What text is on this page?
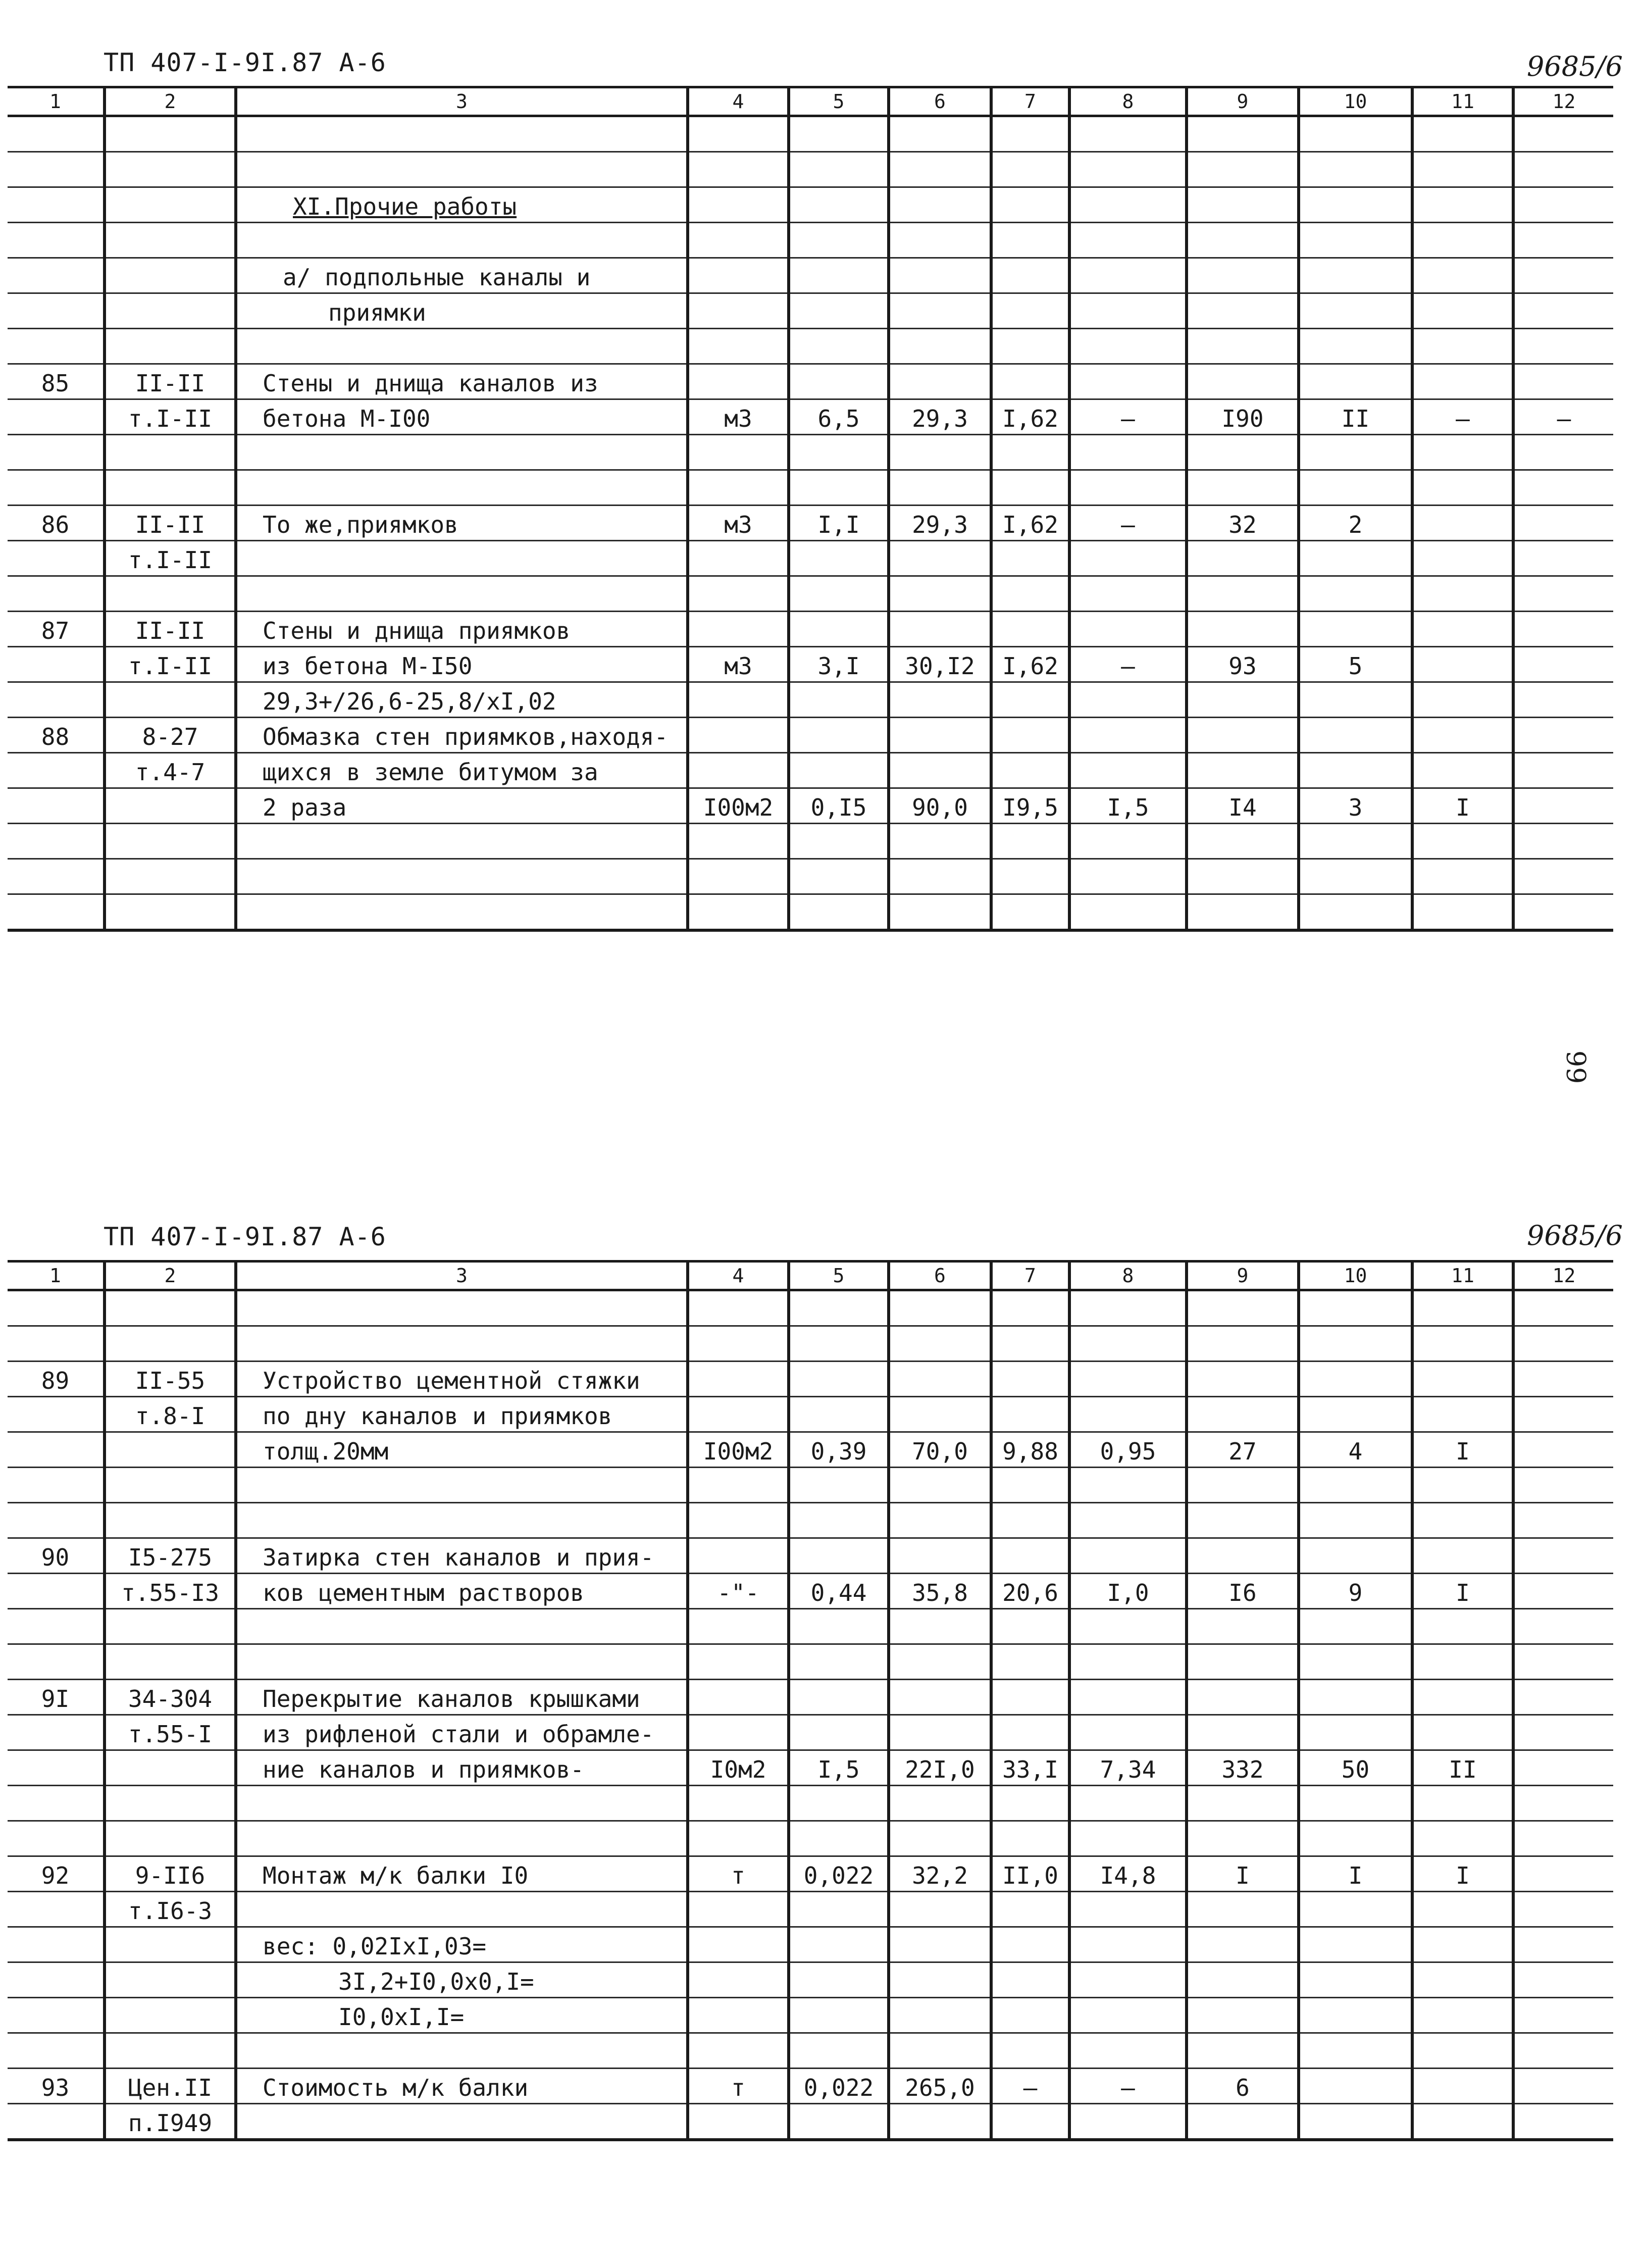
ТП 407-I-9I.87 А-6	9685/6
1	2	3	4	5	6	7	8	9	10	11	12

		XI.Прочие работы									

		а/ подпольные каналы и									
		приямки									

85	II-II	Стены и днища каналов из									
	т.I-II	бетона М-I00	м3	6,5	29,3	I,62	–	I90	II	–	–

86	II-II	То же,приямков	м3	I,I	29,3	I,62	–	32	2		
	т.I-II										

87	II-II	Стены и днища приямков									
	т.I-II	из бетона М-I50	м3	3,I	30,I2	I,62	–	93	5		
		29,3+/26,6-25,8/хI,02									
88	8-27	Обмазка стен приямков,находя-									
	т.4-7	щихся в земле битумом за									
		2 раза	I00м2	0,I5	90,0	I9,5	I,5	I4	3	I	

99
ТП 407-I-9I.87 А-6	9685/6
1	2	3	4	5	6	7	8	9	10	11	12

89	II-55	Устройство цементной стяжки									
	т.8-I	по дну каналов и приямков									
		толщ.20мм	I00м2	0,39	70,0	9,88	0,95	27	4	I	

90	I5-275	Затирка стен каналов и прия-									
	т.55-I3	ков цементным растворов	-"-	0,44	35,8	20,6	I,0	I6	9	I	

9I	34-304	Перекрытие каналов крышками									
	т.55-I	из рифленой стали и обрамле-									
		ние каналов и приямков-	I0м2	I,5	22I,0	33,I	7,34	332	50	II	

92	9-II6	Монтаж м/к балки I0	т	0,022	32,2	II,0	I4,8	I	I	I	
	т.I6-3										
		вес: 0,02IхI,03=									
		3I,2+I0,0х0,I=									
		I0,0хI,I=									

93	Цен.II	Стоимость м/к балки	т	0,022	265,0	–	–	6			
	п.I949										
